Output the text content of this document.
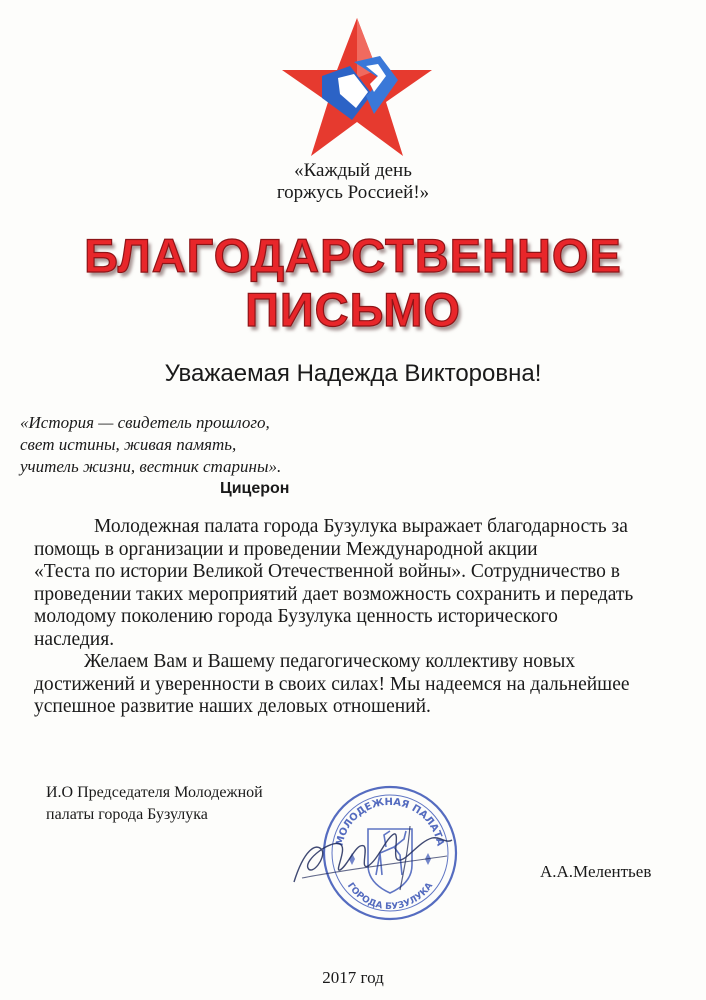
«Каждый день
горжусь Россией!»
БЛАГОДАРСТВЕННОЕ
ПИСЬМО
Уважаемая Надежда Викторовна!
«История — свидетель прошлого,
свет истины, живая память,
учитель жизни, вестник старины».
Цицерон

Молодежная палата города Бузулука выражает благодарность за
помощь в организации и проведении Международной акции
«Теста по истории Великой Отечественной войны». Сотрудничество в
проведении таких мероприятий дает возможность сохранить и передать
молодому поколению города Бузулука ценность исторического
наследия.

Желаем Вам и Вашему педагогическому коллективу новых
достижений и уверенности в своих силах! Мы надеемся на дальнейшее
успешное развитие наших деловых отношений.

И.О Председателя Молодежной
палаты города Бузулука
МОЛОДЕЖНАЯ ПАЛАТА
ГОРОДА БУЗУЛУКА
А.А.Мелентьев
2017 год
